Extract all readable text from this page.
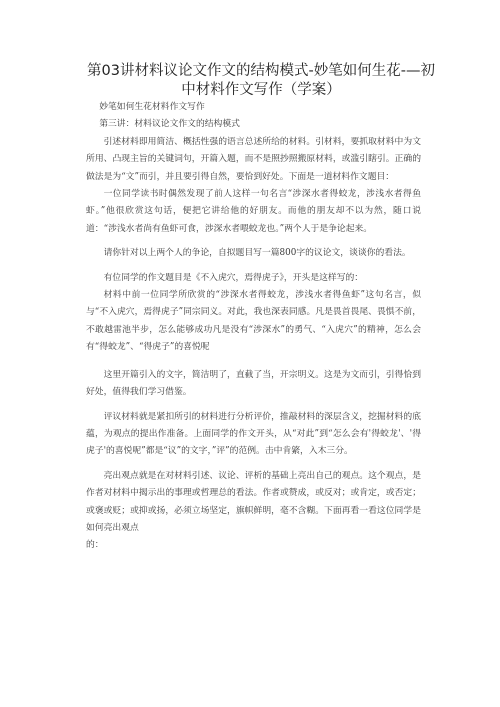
第03讲材料议论文作文的结构模式-妙笔如何生花-—初中材料作文写作（学案）

妙笔如何生花材料作文写作

第三讲：材料议论文作文的结构模式

引述材料即用简洁、概括性强的语言总述所给的材料。引材料，要抓取材料中为文所用、凸现主旨的关键词句，开篇入题，而不是照抄照搬原材料，或滥引瞎引。正确的做法是为“文”而引，并且要引得自然，要恰到好处。下面是一道材料作文题目：

一位同学读书时偶然发现了前人这样一句名言“涉深水者得蛟龙，涉浅水者得鱼虾。”他很欣赏这句话，便把它讲给他的好朋友。而他的朋友却不以为然，随口说道：“涉浅水者尚有鱼虾可食，涉深水者喂蛟龙也。”两个人于是争论起来。

请你针对以上两个人的争论，自拟题目写一篇800字的议论文，谈谈你的看法。

有位同学的作文题目是《不入虎穴，焉得虎子》，开头是这样写的：

材料中前一位同学所欣赏的“涉深水者得蛟龙，涉浅水者得鱼虾”这句名言，似与“不入虎穴，焉得虎子”同宗同义。对此，我也深表同感。凡是畏首畏尾、畏惧不前，不敢越雷池半步，怎么能够成功凡是没有“涉深水”的勇气、“入虎穴”的精神，怎么会有“得蛟龙”、“得虎子”的喜悦呢

这里开篇引入的文字，简洁明了，直截了当，开宗明义。这是为文而引，引得恰到好处，值得我们学习借鉴。

评议材料就是紧扣所引的材料进行分析评价，推敲材料的深层含义，挖掘材料的底蕴，为观点的提出作准备。上面同学的作文开头，从“对此”到“怎么会有'得蛟龙'、'得虎子'的喜悦呢”都是“议”的文字，”评”的范例。击中肯綮，入木三分。

亮出观点就是在对材料引述、议论、评析的基础上亮出自己的观点。这个观点，是作者对材料中揭示出的事理或哲理总的看法。作者或赞成，或反对；或肯定，或否定；或褒或贬；或抑或扬，必须立场坚定，旗帜鲜明，毫不含糊。下面再看一看这位同学是如何亮出观点

的：
